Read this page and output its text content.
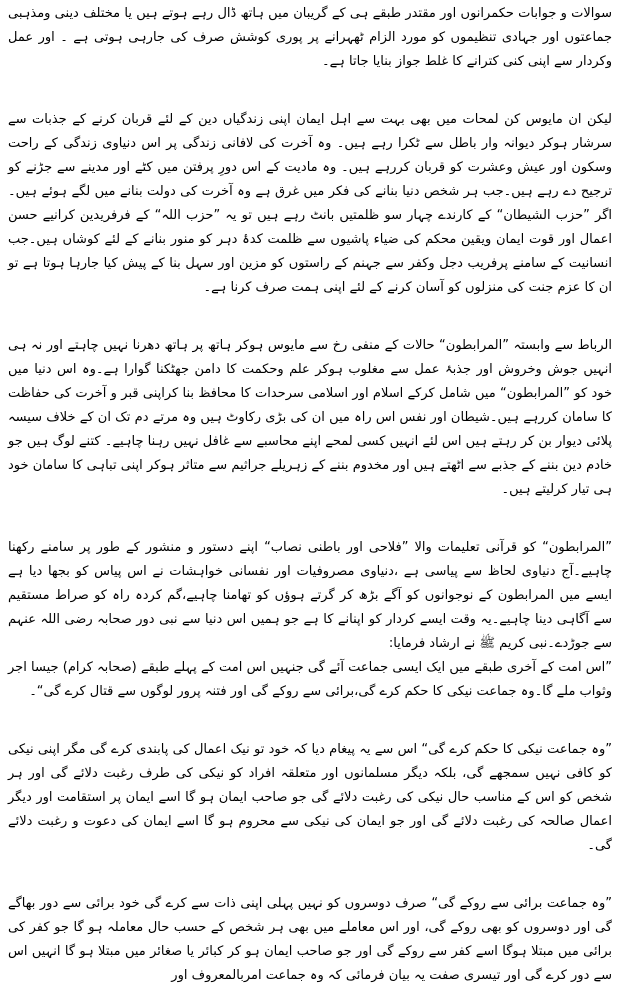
سوالات و جوابات حکمرانوں اور مقتدر طبقے ہی کے گریبان میں ہاتھ ڈال رہے ہوتے ہیں یا مختلف دینی ومذہبی جماعتوں اور جہادی تنظیموں کو مورد الزام ٹھہرانے پر پوری کوشش صرف کی جارہی ہوتی ہے ۔ اور عمل وکردار سے اپنی کنی کترانے کا غلط جواز بنایا جاتا ہے۔

لیکن ان مایوس کن لمحات میں بھی بہت سے اہل ایمان اپنی زندگیاں دین کے لئے قربان کرنے کے جذبات سے سرشار ہوکر دیوانہ وار باطل سے ٹکرا رہے ہیں۔ وہ آخرت کی لافانی زندگی پر اس دنیاوی زندگی کے راحت وسکون اور عیش وعشرت کو قربان کررہے ہیں۔ وہ مادیت کے اس دورِ پرفتن میں کٹے اور مدینے سے جڑنے کو ترجیح دے رہے ہیں۔جب ہر شخص دنیا بنانے کی فکر میں غرق ہے وہ آخرت کی دولت بنانے میں لگے ہوئے ہیں۔اگر ”حزب الشیطان“ کے کارندے چہار سو ظلمتیں بانٹ رہے ہیں تو یہ ”حزب اللہ“ کے فرفریدین کرانیے حسن اعمال اور قوت ایمان ویقین محکم کی ضیاء پاشیوں سے ظلمت کدۂ دہر کو منور بنانے کے لئے کوشاں ہیں۔جب انسانیت کے سامنے پرفریب دجل وکفر سے جہنم کے راستوں کو مزین اور سہل بنا کے پیش کیا جارہا ہوتا ہے تو ان کا عزم جنت کی منزلوں کو آسان کرنے کے لئے اپنی ہمت صرف کرنا ہے۔

الرباط سے وابستہ ”المرابطون“ حالات کے منفی رخ سے مایوس ہوکر ہاتھ پر ہاتھ دھرنا نہیں چاہتے اور نہ ہی انہیں جوش وخروش اور جذبۂ عمل سے مغلوب ہوکر علم وحکمت کا دامن جھٹکنا گوارا ہے۔وہ اس دنیا میں خود کو ”المرابطون“ میں شامل کرکے اسلام اور اسلامی سرحدات کا محافظ بنا کراپنی قبر و آخرت کی حفاظت کا سامان کررہے ہیں۔شیطان اور نفس اس راہ میں ان کی بڑی رکاوٹ ہیں وہ مرتے دم تک ان کے خلاف سیسہ پلائی دیوار بن کر رہتے ہیں اس لئے انہیں کسی لمحے اپنے محاسبے سے غافل نہیں رہنا چاہیے۔ کتنے لوگ ہیں جو خادم دین بننے کے جذبے سے اٹھتے ہیں اور مخدوم بننے کے زہریلے جراثیم سے متاثر ہوکر اپنی تباہی کا سامان خود ہی تیار کرلیتے ہیں۔

”المرابطون“ کو قرآنی تعلیمات والا ”فلاحی اور باطنی نصاب“ اپنے دستور و منشور کے طور پر سامنے رکھنا چاہیے۔آج دنیاوی لحاظ سے پیاسی ہے ،دنیاوی مصروفیات اور نفسانی خواہشات نے اس پیاس کو بجھا دیا ہے ایسے میں المرابطون کے نوجوانوں کو آگے بڑھ کر گرتے ہوؤں کو تھامنا چاہیے،گم کردہ راہ کو صراط مستقیم سے آگاہی دینا چاہیے۔یہ وقت ایسے کردار کو اپنانے کا ہے جو ہمیں اس دنیا سے نبی دور صحابہ رضی اللہ عنہم سے جوڑدے۔نبی کریم ﷺ نے ارشاد فرمایا:

”اس امت کے آخری طبقے میں ایک ایسی جماعت آئے گی جنہیں اس امت کے پہلے طبقے (صحابہ کرام) جیسا اجر وثواب ملے گا۔وہ جماعت نیکی کا حکم کرے گی،برائی سے روکے گی اور فتنہ پرور لوگوں سے قتال کرے گی“۔

”وہ جماعت نیکی کا حکم کرے گی“ اس سے یہ پیغام دیا کہ خود تو نیک اعمال کی پابندی کرے گی مگر اپنی نیکی کو کافی نہیں سمجھے گی، بلکہ دیگر مسلمانوں اور متعلقہ افراد کو نیکی کی طرف رغبت دلائے گی اور ہر شخص کو اس کے مناسب حال نیکی کی رغبت دلائے گی جو صاحب ایمان ہو گا اسے ایمان پر استقامت اور دیگر اعمال صالحہ کی رغبت دلائے گی اور جو ایمان کی نیکی سے محروم ہو گا اسے ایمان کی دعوت و رغبت دلائے گی۔

”وہ جماعت برائی سے روکے گی“ صرف دوسروں کو نہیں پہلی اپنی ذات سے کرے گی خود برائی سے دور بھاگے گی اور دوسروں کو بھی روکے گی، اور اس معاملے میں بھی ہر شخص کے حسب حال معاملہ ہو گا جو کفر کی برائی میں مبتلا ہوگا اسے کفر سے روکے گی اور جو صاحب ایمان ہو کر کبائر یا صغائر میں مبتلا ہو گا انہیں اس سے دور کرے گی اور تیسری صفت یہ بیان فرمائی کہ وہ جماعت امربالمعروف اور
